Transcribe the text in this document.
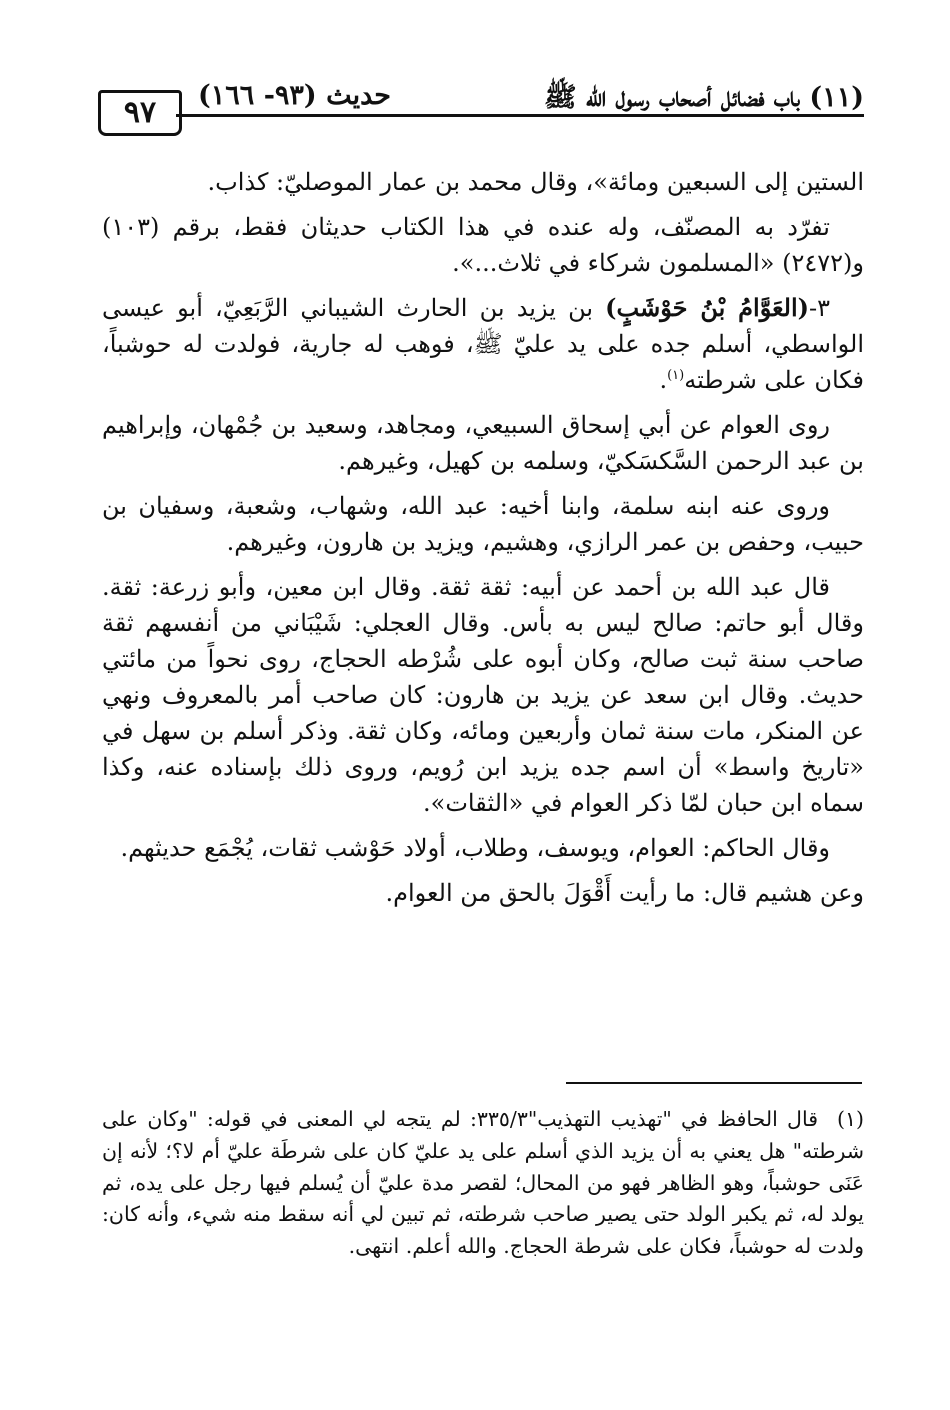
٩٧	حديث (٩٣- ١٦٦)	(١١) باب فضائل أصحاب رسول الله ﷺ

الستين إلى السبعين ومائة»، وقال محمد بن عمار الموصليّ: كذاب.

تفرّد به المصنّف، وله عنده في هذا الكتاب حديثان فقط، برقم (١٠٣) و(٢٤٧٢) «المسلمون شركاء في ثلاث...».

٣-(العَوَّامُ بْنُ حَوْشَبٍ) بن يزيد بن الحارث الشيباني الرَّبَعِيّ، أبو عيسى الواسطي، أسلم جده على يد عليّ ﷺ، فوهب له جارية، فولدت له حوشباً، فكان على شرطته$^{(١)}$.

روى العوام عن أبي إسحاق السبيعي، ومجاهد، وسعيد بن جُمْهان، وإبراهيم بن عبد الرحمن السَّكسَكيّ، وسلمه بن كهيل، وغيرهم.

وروى عنه ابنه سلمة، وابنا أخيه: عبد الله، وشهاب، وشعبة، وسفيان بن حبيب، وحفص بن عمر الرازي، وهشيم، ويزيد بن هارون، وغيرهم.

قال عبد الله بن أحمد عن أبيه: ثقة ثقة. وقال ابن معين، وأبو زرعة: ثقة. وقال أبو حاتم: صالح ليس به بأس. وقال العجلي: شَيْبَاني من أنفسهم ثقة صاحب سنة ثبت صالح، وكان أبوه على شُرْطه الحجاج، روى نحواً من مائتي حديث. وقال ابن سعد عن يزيد بن هارون: كان صاحب أمر بالمعروف ونهي عن المنكر، مات سنة ثمان وأربعين ومائه، وكان ثقة. وذكر أسلم بن سهل في «تاريخ واسط» أن اسم جده يزيد ابن رُويم، وروى ذلك بإسناده عنه، وكذا سماه ابن حبان لمّا ذكر العوام في «الثقات».

وقال الحاكم: العوام، ويوسف، وطلاب، أولاد حَوْشب ثقات، يُجْمَع حديثهم.

وعن هشيم قال: ما رأيت أَقْوَلَ بالحق من العوام.

(١)قال الحافظ في "تهذيب التهذيب"٣٣٥/٣: لم يتجه لي المعنى في قوله: "وكان على شرطته" هل يعني به أن يزيد الذي أسلم على يد عليّ كان على شرطَة عليّ أم لا؟؛ لأنه إن عَنَى حوشباً، وهو الظاهر فهو من المحال؛ لقصر مدة عليّ أن يُسلم فيها رجل على يده، ثم يولد له، ثم يكبر الولد حتى يصير صاحب شرطته، ثم تبين لي أنه سقط منه شيء، وأنه كان: ولدت له حوشباً، فكان على شرطة الحجاج. والله أعلم. انتهى.
